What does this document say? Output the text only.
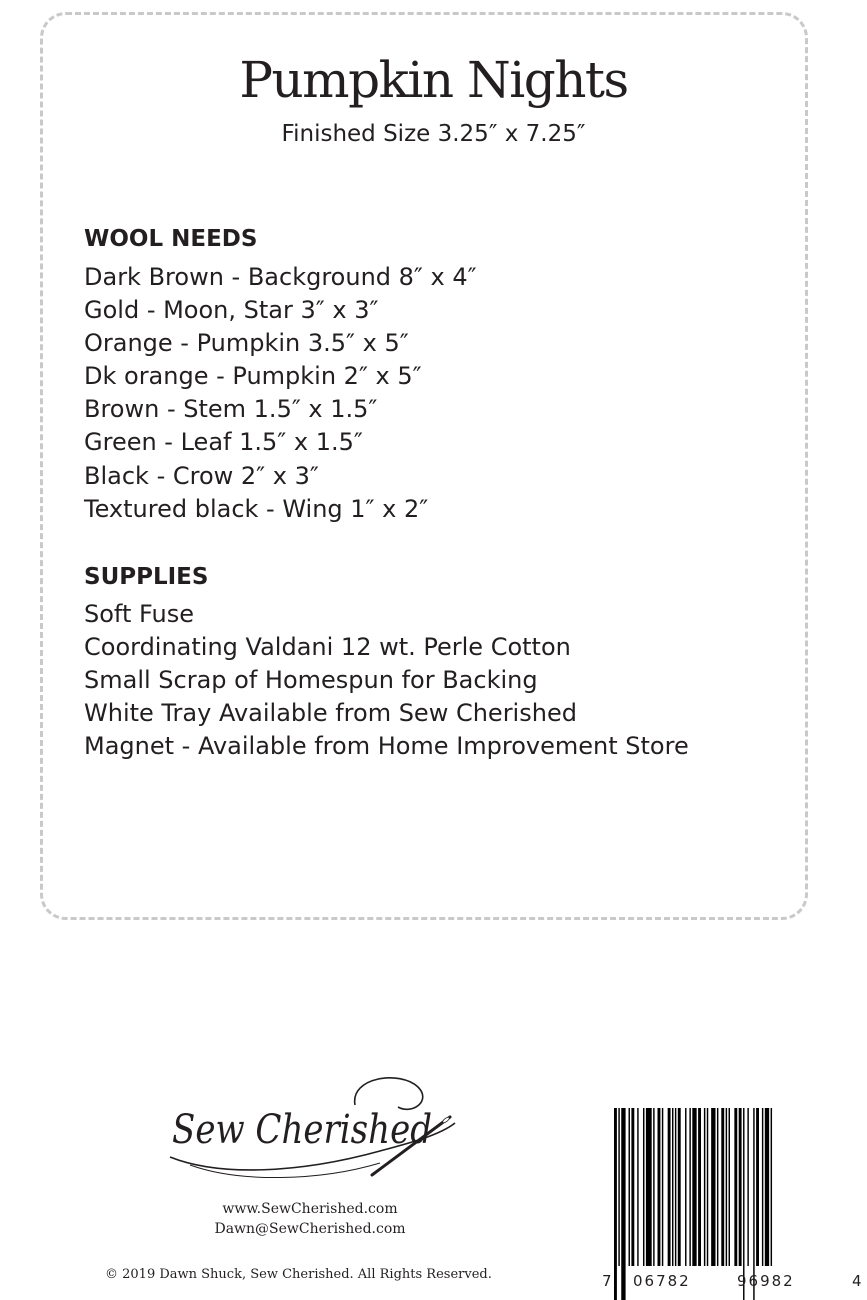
Pumpkin Nights
Finished Size 3.25″ x 7.25″
WOOL NEEDS
Dark Brown - Background 8″ x 4″
Gold - Moon, Star 3″ x 3″
Orange - Pumpkin 3.5″ x 5″
Dk orange - Pumpkin 2″ x 5″
Brown - Stem 1.5″ x 1.5″
Green - Leaf 1.5″ x 1.5″
Black - Crow 2″ x 3″
Textured black - Wing 1″ x 2″
SUPPLIES
Soft Fuse
Coordinating Valdani 12 wt. Perle Cotton
Small Scrap of Homespun for Backing
White Tray Available from Sew Cherished
Magnet - Available from Home Improvement Store
Sew Cherished
www.SewCherished.com
Dawn@SewCherished.com
© 2019 Dawn Shuck, Sew Cherished. All Rights Reserved.	7 06782	96982	4
